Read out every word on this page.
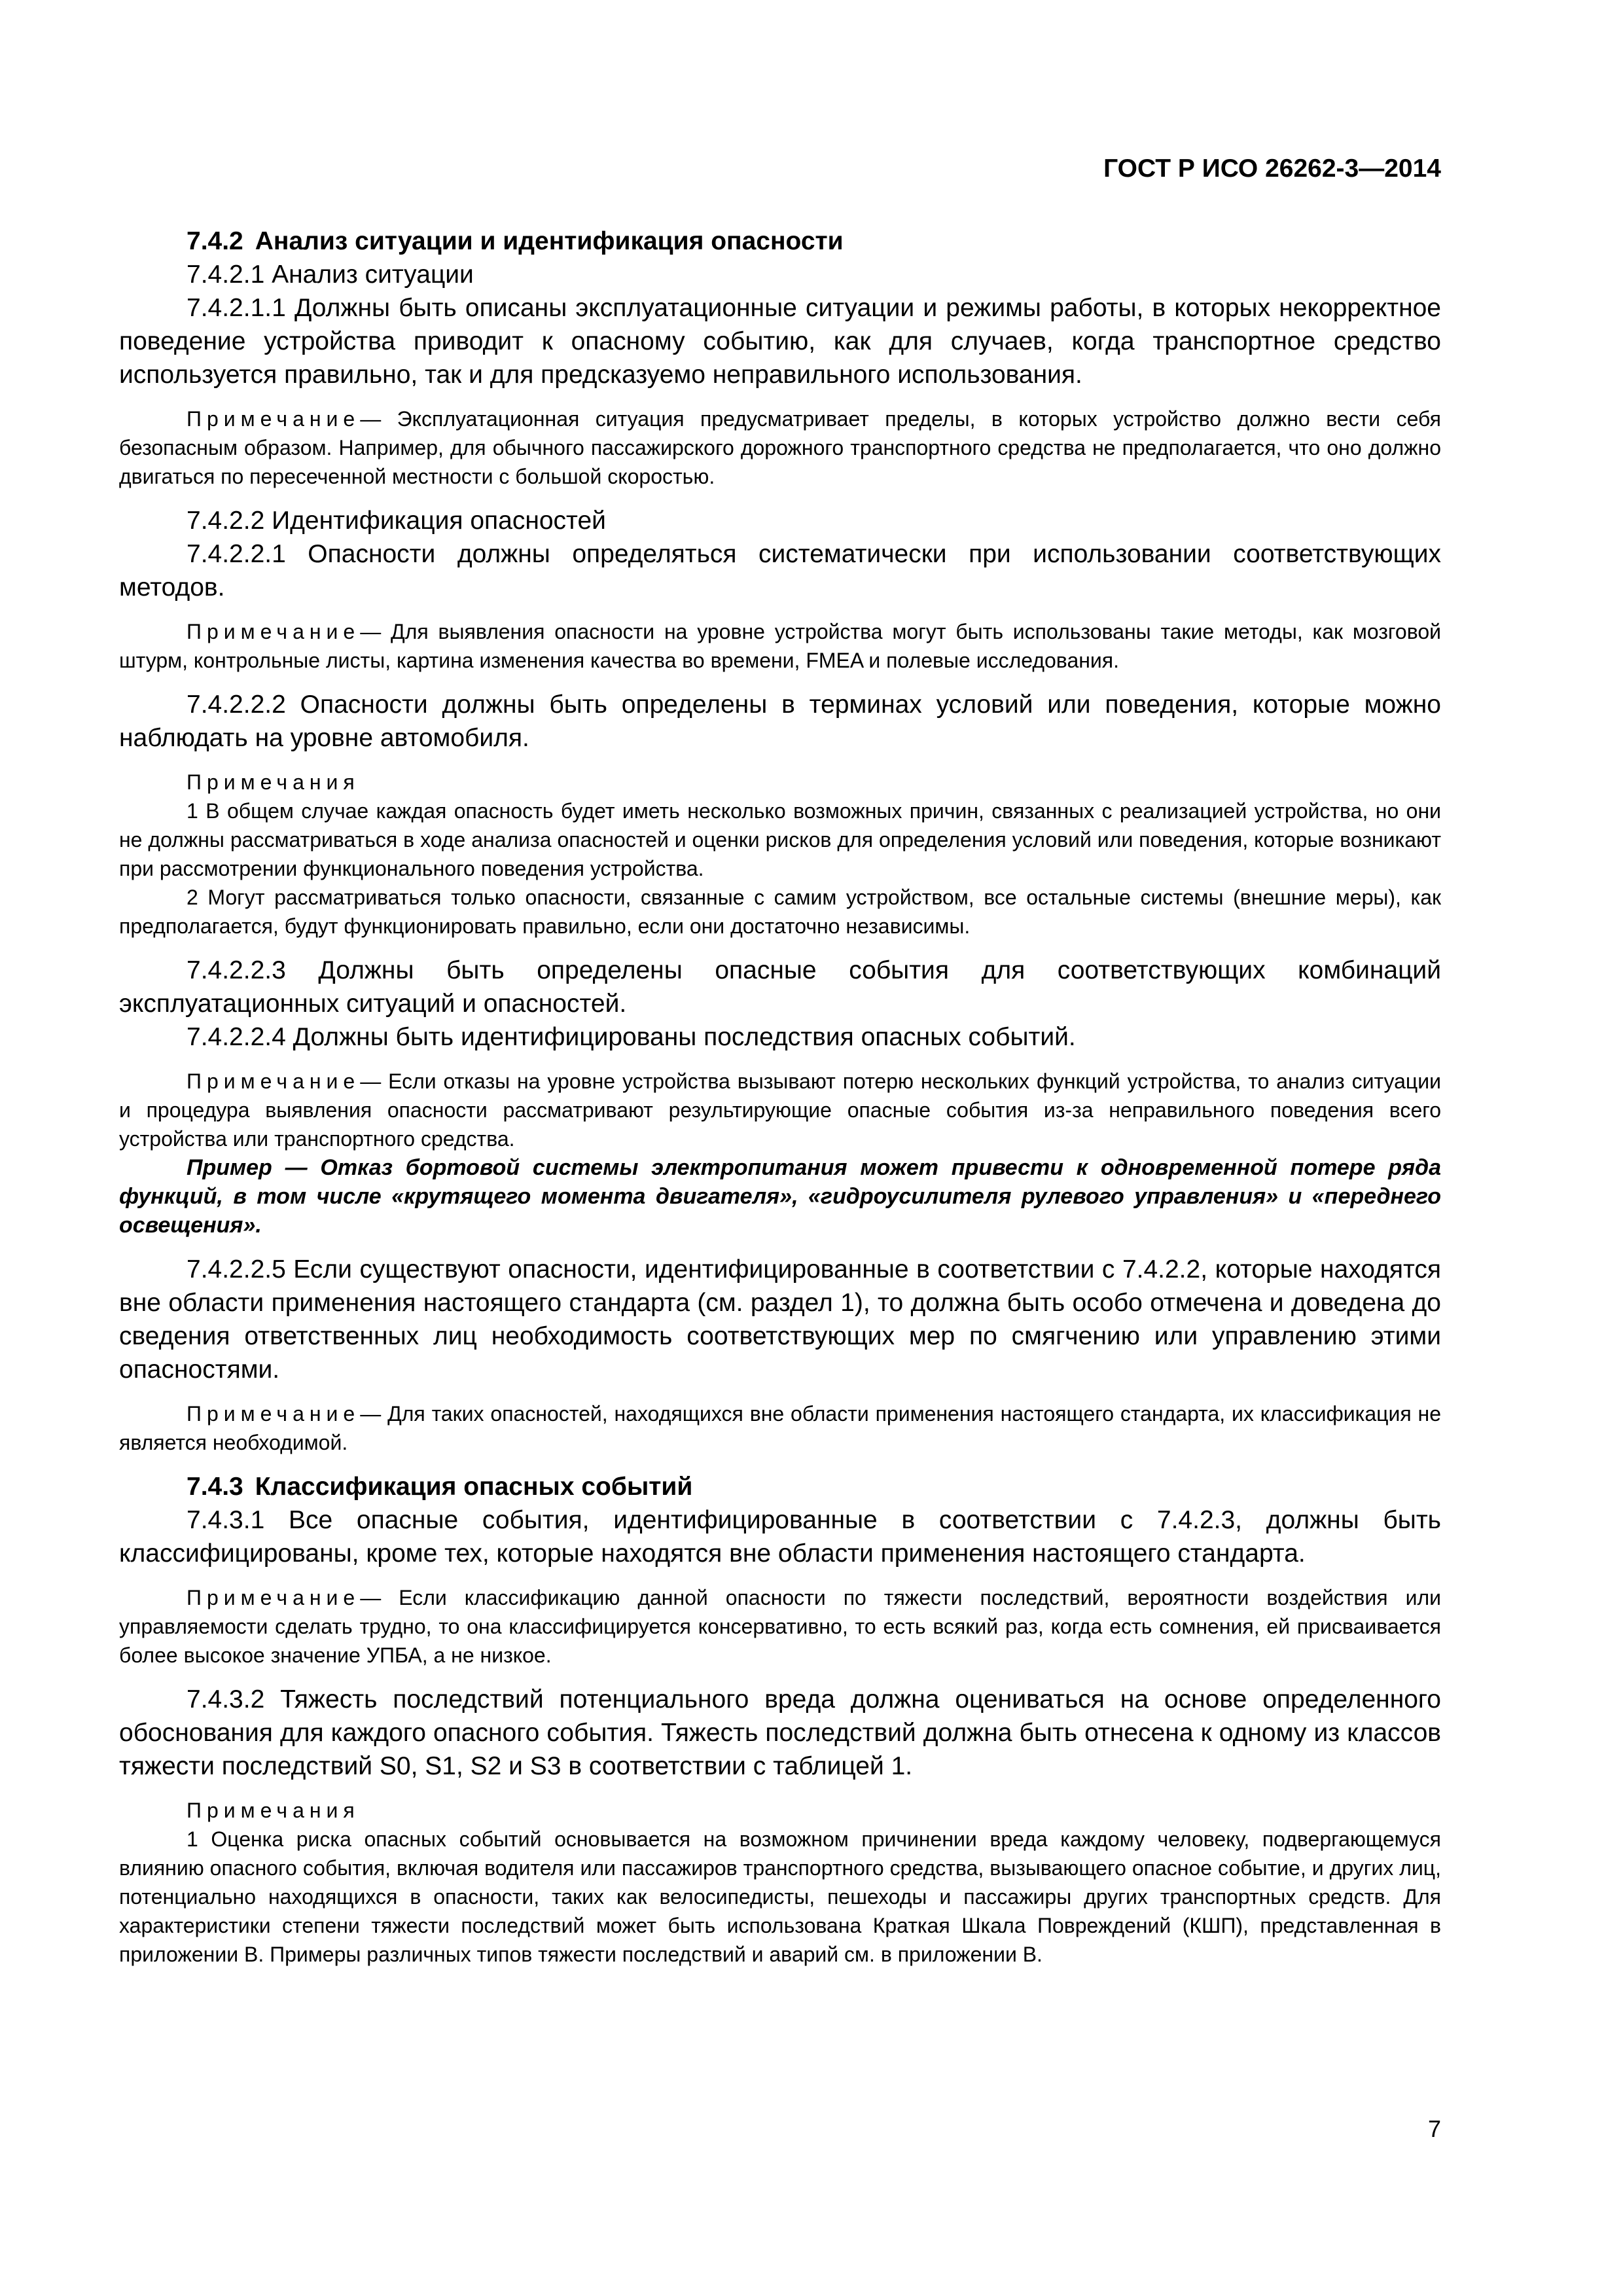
ГОСТ Р ИСО 26262-3—2014

7.4.2 Анализ ситуации и идентификация опасности

7.4.2.1 Анализ ситуации

7.4.2.1.1 Должны быть описаны эксплуатационные ситуации и режимы работы, в которых некорректное поведение устройства приводит к опасному событию, как для случаев, когда транспортное средство используется правильно, так и для предсказуемо неправильного использования.

Примечание— Эксплуатационная ситуация предусматривает пределы, в которых устройство должно вести себя безопасным образом. Например, для обычного пассажирского дорожного транспортного средства не предполагается, что оно должно двигаться по пересеченной местности с большой скоростью.

7.4.2.2 Идентификация опасностей

7.4.2.2.1 Опасности должны определяться систематически при использовании соответствующих методов.

Примечание— Для выявления опасности на уровне устройства могут быть использованы такие методы, как мозговой штурм, контрольные листы, картина изменения качества во времени, FMEA и полевые исследования.

7.4.2.2.2 Опасности должны быть определены в терминах условий или поведения, которые можно наблюдать на уровне автомобиля.

Примечания

1 В общем случае каждая опасность будет иметь несколько возможных причин, связанных с реализацией устройства, но они не должны рассматриваться в ходе анализа опасностей и оценки рисков для определения условий или поведения, которые возникают при рассмотрении функционального поведения устройства.

2 Могут рассматриваться только опасности, связанные с самим устройством, все остальные системы (внешние меры), как предполагается, будут функционировать правильно, если они достаточно независимы.

7.4.2.2.3 Должны быть определены опасные события для соответствующих комбинаций эксплуатационных ситуаций и опасностей.

7.4.2.2.4 Должны быть идентифицированы последствия опасных событий.

Примечание— Если отказы на уровне устройства вызывают потерю нескольких функций устройства, то анализ ситуации и процедура выявления опасности рассматривают результирующие опасные события из-за неправильного поведения всего устройства или транспортного средства.

Пример — Отказ бортовой системы электропитания может привести к одновременной потере ряда функций, в том числе «крутящего момента двигателя», «гидроусилителя рулевого управления» и «переднего освещения».

7.4.2.2.5 Если существуют опасности, идентифицированные в соответствии с 7.4.2.2, которые находятся вне области применения настоящего стандарта (см. раздел 1), то должна быть особо отмечена и доведена до сведения ответственных лиц необходимость соответствующих мер по смягчению или управлению этими опасностями.

Примечание— Для таких опасностей, находящихся вне области применения настоящего стандарта, их классификация не является необходимой.

7.4.3 Классификация опасных событий

7.4.3.1 Все опасные события, идентифицированные в соответствии с 7.4.2.3, должны быть классифицированы, кроме тех, которые находятся вне области применения настоящего стандарта.

Примечание— Если классификацию данной опасности по тяжести последствий, вероятности воздействия или управляемости сделать трудно, то она классифицируется консервативно, то есть всякий раз, когда есть сомнения, ей присваивается более высокое значение УПБА, а не низкое.

7.4.3.2 Тяжесть последствий потенциального вреда должна оцениваться на основе определенного обоснования для каждого опасного события. Тяжесть последствий должна быть отнесена к одному из классов тяжести последствий S0, S1, S2 и S3 в соответствии с таблицей 1.

Примечания

1 Оценка риска опасных событий основывается на возможном причинении вреда каждому человеку, подвергающемуся влиянию опасного события, включая водителя или пассажиров транспортного средства, вызывающего опасное событие, и других лиц, потенциально находящихся в опасности, таких как велосипедисты, пешеходы и пассажиры других транспортных средств. Для характеристики степени тяжести последствий может быть использована Краткая Шкала Повреждений (КШП), представленная в приложении В. Примеры различных типов тяжести последствий и аварий см. в приложении В.

7
